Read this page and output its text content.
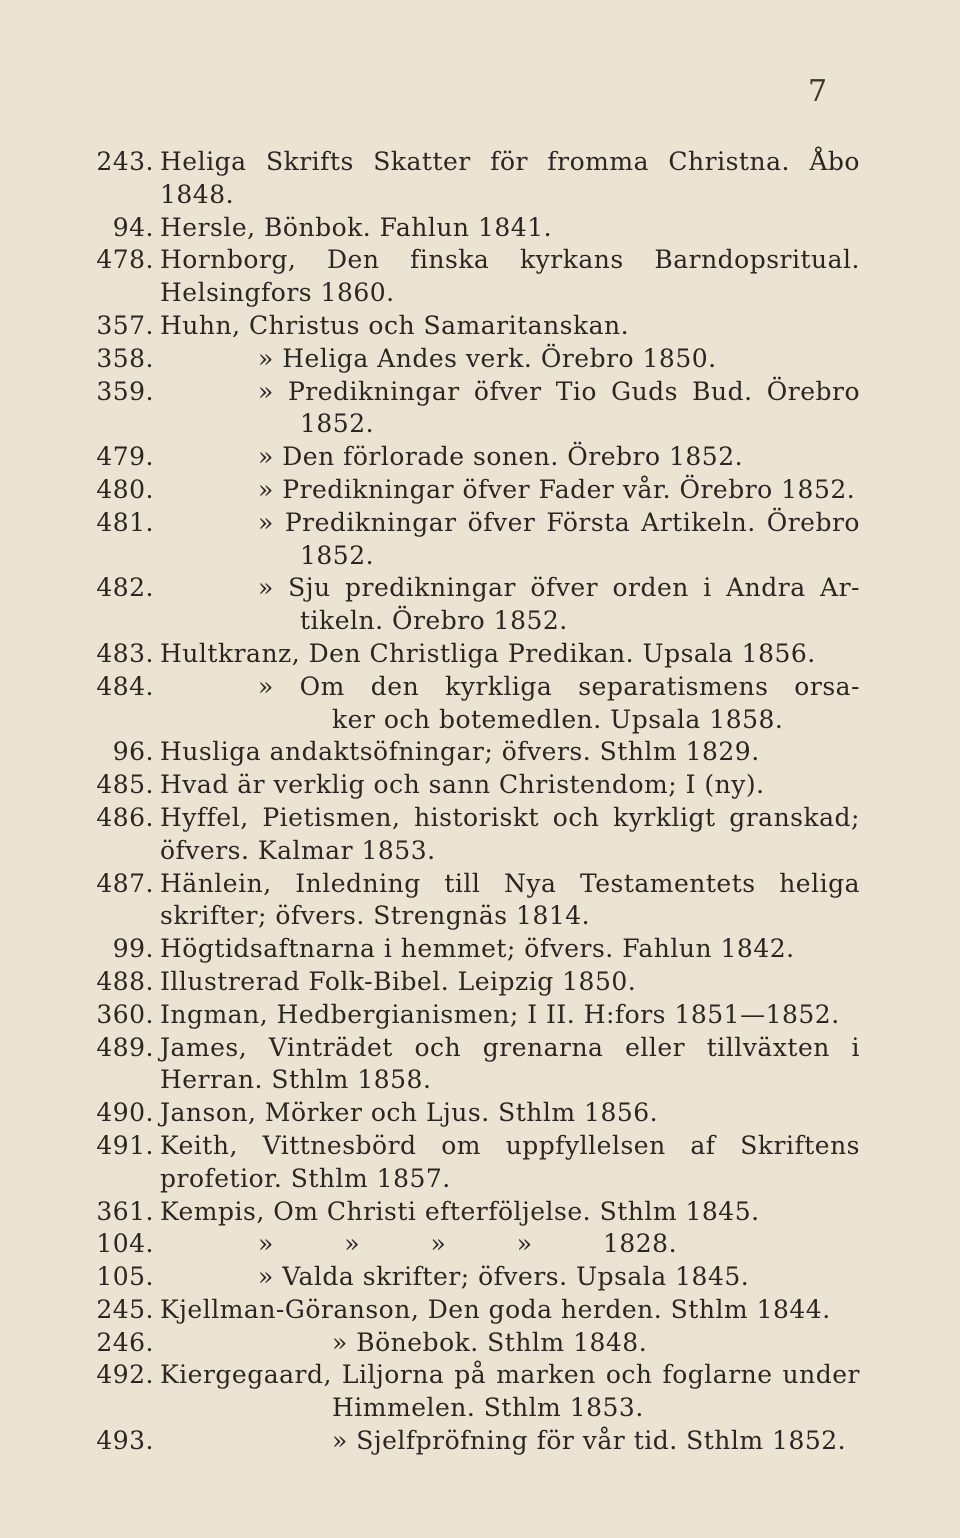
7
243. Heliga Skrifts Skatter för fromma Christna. Åbo
1848.
94. Hersle, Bönbok. Fahlun 1841.
478. Hornborg, Den finska kyrkans Barndopsritual.
Helsingfors 1860.
357. Huhn, Christus och Samaritanskan.
358.	» Heliga Andes verk. Örebro 1850.
359.	» Predikningar öfver Tio Guds Bud. Örebro
1852.
479.	» Den förlorade sonen. Örebro 1852.
480.	» Predikningar öfver Fader vår. Örebro 1852.
481.	» Predikningar öfver Första Artikeln. Örebro
1852.
482.	» Sju predikningar öfver orden i Andra Ar-
tikeln. Örebro 1852.
483. Hultkranz, Den Christliga Predikan. Upsala 1856.
484.	» Om den kyrkliga separatismens orsa-
ker och botemedlen. Upsala 1858.
96. Husliga andaktsöfningar; öfvers. Sthlm 1829.
485. Hvad är verklig och sann Christendom; I (ny).
486. Hyffel, Pietismen, historiskt och kyrkligt granskad;
öfvers. Kalmar 1853.
487. Hänlein, Inledning till Nya Testamentets heliga
skrifter; öfvers. Strengnäs 1814.
99. Högtidsaftnarna i hemmet; öfvers. Fahlun 1842.
488. Illustrerad Folk-Bibel. Leipzig 1850.
360. Ingman, Hedbergianismen; I II. H:fors 1851—1852.
489. James, Vinträdet och grenarna eller tillväxten i
Herran. Sthlm 1858.
490. Janson, Mörker och Ljus. Sthlm 1856.
491. Keith, Vittnesbörd om uppfyllelsen af Skriftens
profetior. Sthlm 1857.
361. Kempis, Om Christi efterföljelse. Sthlm 1845.
104.	» » » » 1828.
105.	» Valda skrifter; öfvers. Upsala 1845.
245. Kjellman-Göranson, Den goda herden. Sthlm 1844.
246.	» Bönebok. Sthlm 1848.
492. Kiergegaard, Liljorna på marken och foglarne under
Himmelen. Sthlm 1853.
493.	» Sjelfpröfning för vår tid. Sthlm 1852.
